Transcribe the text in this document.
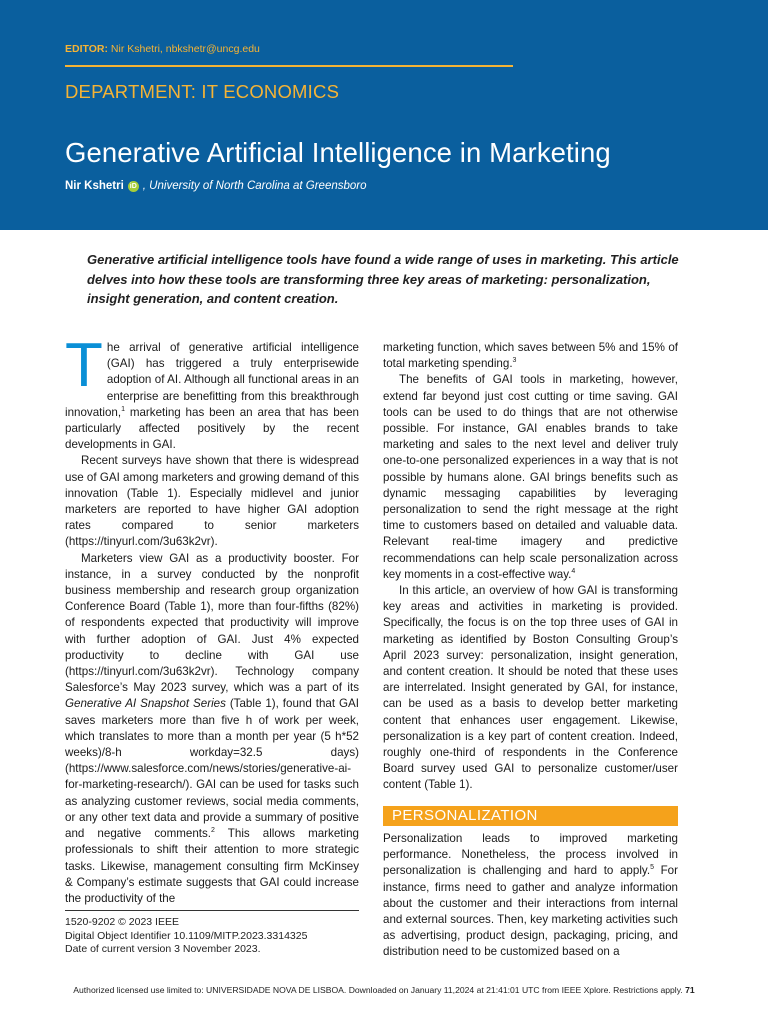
EDITOR: Nir Kshetri, nbkshetr@uncg.edu
DEPARTMENT: IT ECONOMICS
Generative Artificial Intelligence in Marketing
Nir Kshetri iD , University of North Carolina at Greensboro
Generative artificial intelligence tools have found a wide range of uses in marketing. This article delves into how these tools are transforming three key areas of marketing: personalization, insight generation, and content creation.

The arrival of generative artificial intelligence (GAI) has triggered a truly enterprisewide adoption of AI. Although all functional areas in an enterprise are benefitting from this breakthrough innovation,$^1$ marketing has been an area that has been particularly affected positively by the recent developments in GAI.

Recent surveys have shown that there is widespread use of GAI among marketers and growing demand of this innovation (Table 1). Especially midlevel and junior marketers are reported to have higher GAI adoption rates compared to senior marketers (https://tinyurl.com/3u63k2vr).

Marketers view GAI as a productivity booster. For instance, in a survey conducted by the nonprofit business membership and research group organization Conference Board (Table 1), more than four-fifths (82%) of respondents expected that productivity will improve with further adoption of GAI. Just 4% expected productivity to decline with GAI use (https://tinyurl.com/3u63k2vr). Technology company Salesforce’s May 2023 survey, which was a part of its Generative AI Snapshot Series (Table 1), found that GAI saves marketers more than five h of work per week, which translates to more than a month per year (5 h*52 weeks)/8-h workday=32.5 days) (https://www.salesforce.com/news/stories/generative-ai-for-marketing-research/). GAI can be used for tasks such as analyzing customer reviews, social media comments, or any other text data and provide a summary of positive and negative comments.$^2$ This allows marketing professionals to shift their attention to more strategic tasks. Likewise, management consulting firm McKinsey & Company’s estimate suggests that GAI could increase the productivity of the

marketing function, which saves between 5% and 15% of total marketing spending.$^3$

The benefits of GAI tools in marketing, however, extend far beyond just cost cutting or time saving. GAI tools can be used to do things that are not otherwise possible. For instance, GAI enables brands to take marketing and sales to the next level and deliver truly one-to-one personalized experiences in a way that is not possible by humans alone. GAI brings benefits such as dynamic messaging capabilities by leveraging personalization to send the right message at the right time to customers based on detailed and valuable data. Relevant real-time imagery and predictive recommendations can help scale personalization across key moments in a cost-effective way.$^4$

In this article, an overview of how GAI is transforming key areas and activities in marketing is provided. Specifically, the focus is on the top three uses of GAI in marketing as identified by Boston Consulting Group’s April 2023 survey: personalization, insight generation, and content creation. It should be noted that these uses are interrelated. Insight generated by GAI, for instance, can be used as a basis to develop better marketing content that enhances user engagement. Likewise, personalization is a key part of content creation. Indeed, roughly one-third of respondents in the Conference Board survey used GAI to personalize customer/user content (Table 1).

PERSONALIZATION

Personalization leads to improved marketing performance. Nonetheless, the process involved in personalization is challenging and hard to apply.$^5$ For instance, firms need to gather and analyze information about the customer and their interactions from internal and external sources. Then, key marketing activities such as advertising, product design, packaging, pricing, and distribution need to be customized based on a

1520-9202 © 2023 IEEE
Digital Object Identifier 10.1109/MITP.2023.3314325
Date of current version 3 November 2023.
Authorized licensed use limited to: UNIVERSIDADE NOVA DE LISBOA. Downloaded on January 11,2024 at 21:41:01 UTC from IEEE Xplore. Restrictions apply. 71
